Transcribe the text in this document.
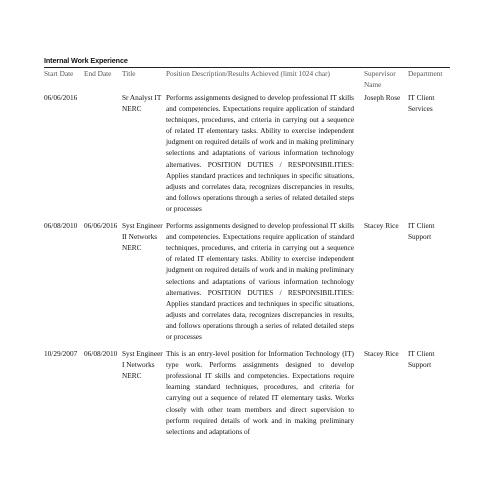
Internal Work Experience
Start Date	End Date	Title	Position Description/Results Achieved (limit 1024 char)	Supervisor Name	Department
06/06/2016		Sr Analyst IT NERC	Performs assignments designed to develop professional IT skills and competencies. Expectations require application of standard techniques, procedures, and criteria in carrying out a sequence of related IT elementary tasks. Ability to exercise independent judgment on required details of work and in making preliminary selections and adaptations of various information technology alternatives. POSITION DUTIES / RESPONSIBILITIES: Applies standard practices and techniques in specific situations, adjusts and correlates data, recognizes discrepancies in results, and follows operations through a series of related detailed steps or processes	Joseph Rose	IT Client Services
06/08/2010	06/06/2016	Syst Engineer II Networks NERC	Performs assignments designed to develop professional IT skills and competencies. Expectations require application of standard techniques, procedures, and criteria in carrying out a sequence of related IT elementary tasks. Ability to exercise independent judgment on required details of work and in making preliminary selections and adaptations of various information technology alternatives. POSITION DUTIES / RESPONSIBILITIES: Applies standard practices and techniques in specific situations, adjusts and correlates data, recognizes discrepancies in results, and follows operations through a series of related detailed steps or processes	Stacey Rice	IT Client Support
10/29/2007	06/08/2010	Syst Engineer I Networks NERC	This is an entry-level position for Information Technology (IT) type work. Performs assignments designed to develop professional IT skills and competencies. Expectations require learning standard techniques, procedures, and criteria for carrying out a sequence of related IT elementary tasks. Works closely with other team members and direct supervision to perform required details of work and in making preliminary selections and adaptations of	Stacey Rice	IT Client Support
